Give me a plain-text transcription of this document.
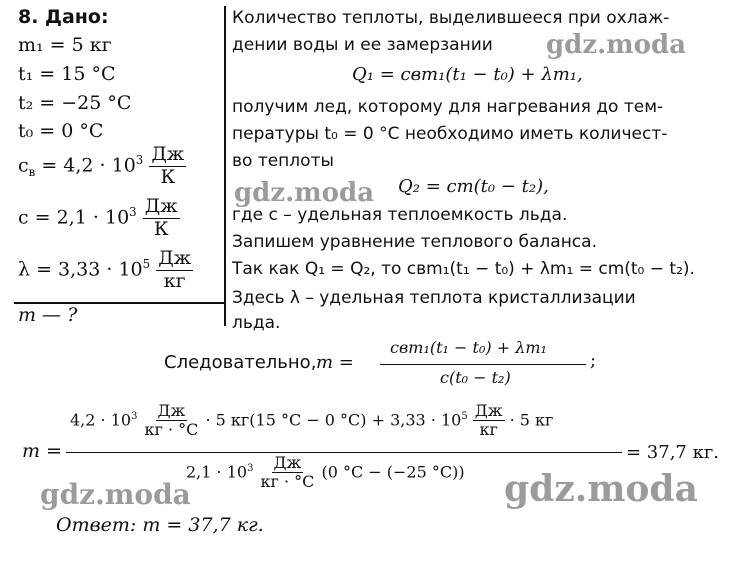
gdz.moda
gdz.moda
gdz.moda	gdz.moda
8. Дано:
m₁ = 5 кг
t₁ = 15 °С
t₂ = −25 °С
t₀ = 0 °С
$c_в = 4,2 \cdot 10^3 \frac{Дж}{К}$
$c = 2,1 \cdot 10^3 \frac{Дж}{К}$
$\lambda = 3,33 \cdot 10^5 \frac{Дж}{кг}$
m — ?
Количество теплоты, выделившееся при охлаж-
дении воды и ее замерзании
Q₁ = cвm₁(t₁ − t₀) + λm₁,
получим лед, которому для нагревания до тем-
пературы t₀ = 0 °С необходимо иметь количест-
во теплоты
Q₂ = cm(t₀ − t₂),
где c – удельная теплоемкость льда.
Запишем уравнение теплового баланса.
Так как Q₁ = Q₂, то cвm₁(t₁ − t₀) + λm₁ = cm(t₀ − t₂).
Здесь λ – удельная теплота кристаллизации
льда.
Следовательно, m =
cвm₁(t₁ − t₀) + λm₁
c(t₀ − t₂)
;
m =
$4,2 \cdot 10^3 \frac{Дж}{кг \cdot ^\circ С} \cdot 5$ кг(15 °С − 0 $^\circ С) + 3,33 \cdot 10^5 \frac{Дж}{кг} \cdot 5$ кг
$2,1 \cdot 10^3 \frac{Дж}{кг \cdot ^\circ С} (0$ °С − (−25 °С))
= 37,7 кг.
Ответ: m = 37,7 кг.
